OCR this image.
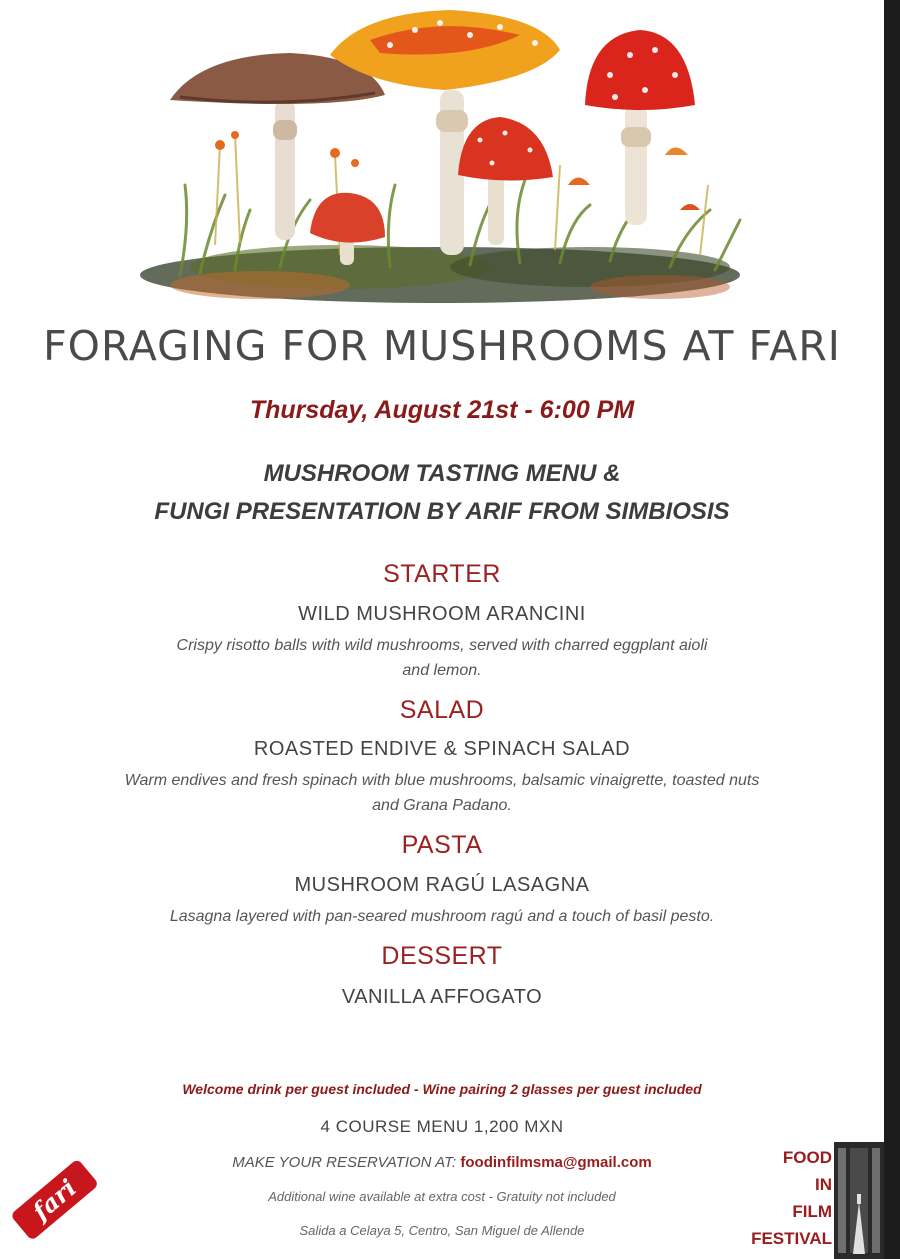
FORAGING FOR MUSHROOMS AT FARI
Thursday, August 21st - 6:00 PM
MUSHROOM TASTING MENU &
FUNGI PRESENTATION BY ARIF FROM SIMBIOSIS
STARTER
WILD MUSHROOM ARANCINI
Crispy risotto balls with wild mushrooms, served with charred eggplant aioli
and lemon.
SALAD
ROASTED ENDIVE & SPINACH SALAD
Warm endives and fresh spinach with blue mushrooms, balsamic vinaigrette, toasted nuts
and Grana Padano.
PASTA
MUSHROOM RAGÚ LASAGNA
Lasagna layered with pan-seared mushroom ragú and a touch of basil pesto.
DESSERT
VANILLA AFFOGATO
Welcome drink per guest included - Wine pairing 2 glasses per guest included
4 COURSE MENU 1,200 MXN
MAKE YOUR RESERVATION AT: foodinfilmsma@gmail.com
Additional wine available at extra cost - Gratuity not included
Salida a Celaya 5, Centro, San Miguel de Allende
fari
FOOD
IN
FILM
FESTIVAL
